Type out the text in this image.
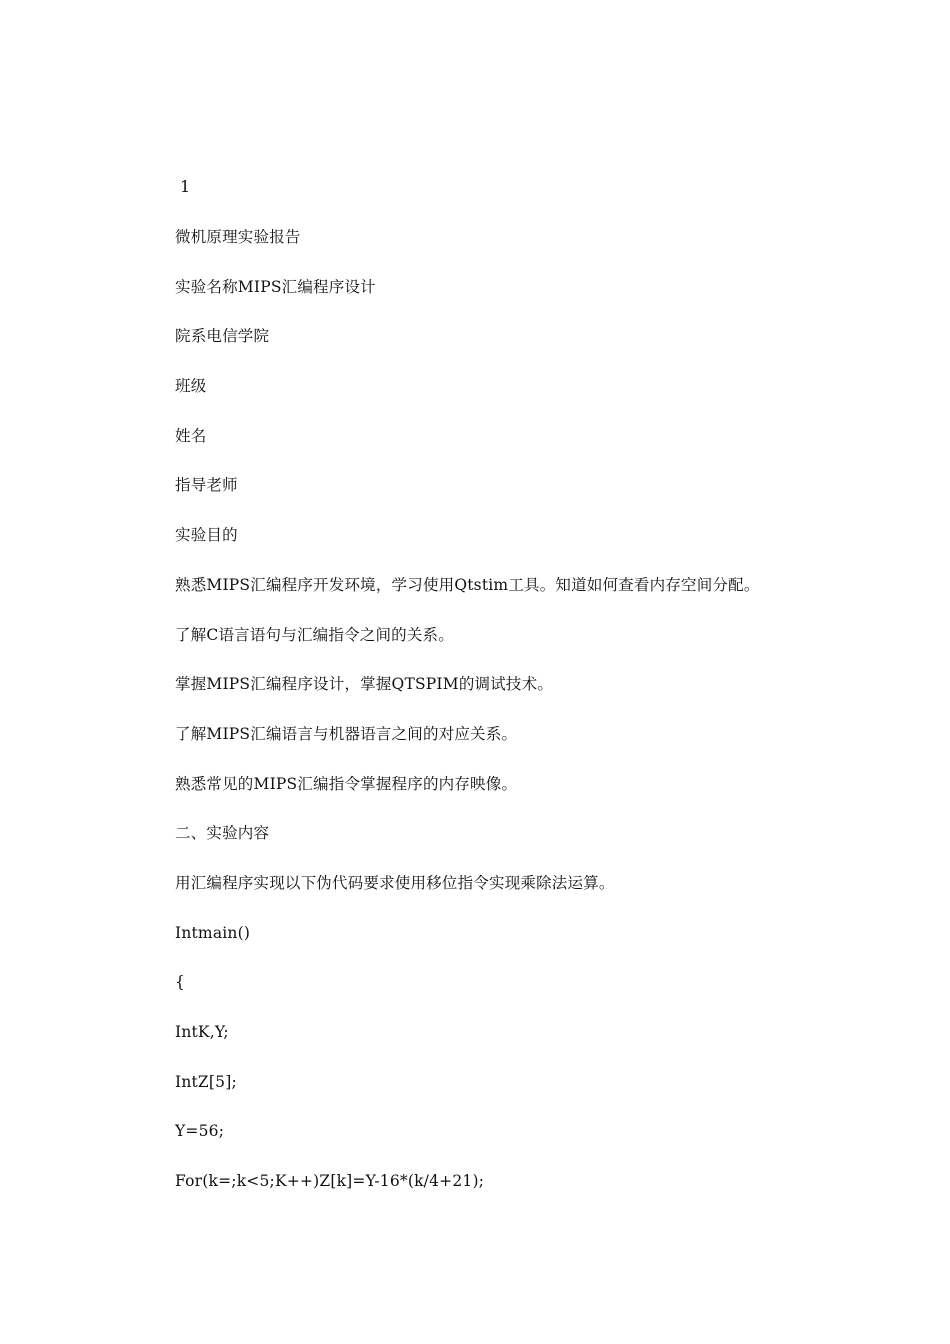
1
微机原理实验报告
实验名称MIPS汇编程序设计
院系电信学院
班级
姓名
指导老师
实验目的
熟悉MIPS汇编程序开发环境，学习使用Qtstim工具。知道如何查看内存空间分配。
了解C语言语句与汇编指令之间的关系。
掌握MIPS汇编程序设计，掌握QTSPIM的调试技术。
了解MIPS汇编语言与机器语言之间的对应关系。
熟悉常见的MIPS汇编指令掌握程序的内存映像。
二、实验内容
用汇编程序实现以下伪代码要求使用移位指令实现乘除法运算。
Intmain()
{
IntK,Y;
IntZ[5];
Y=56;
For(k=;k<5;K++)Z[k]=Y-16*(k/4+21);
